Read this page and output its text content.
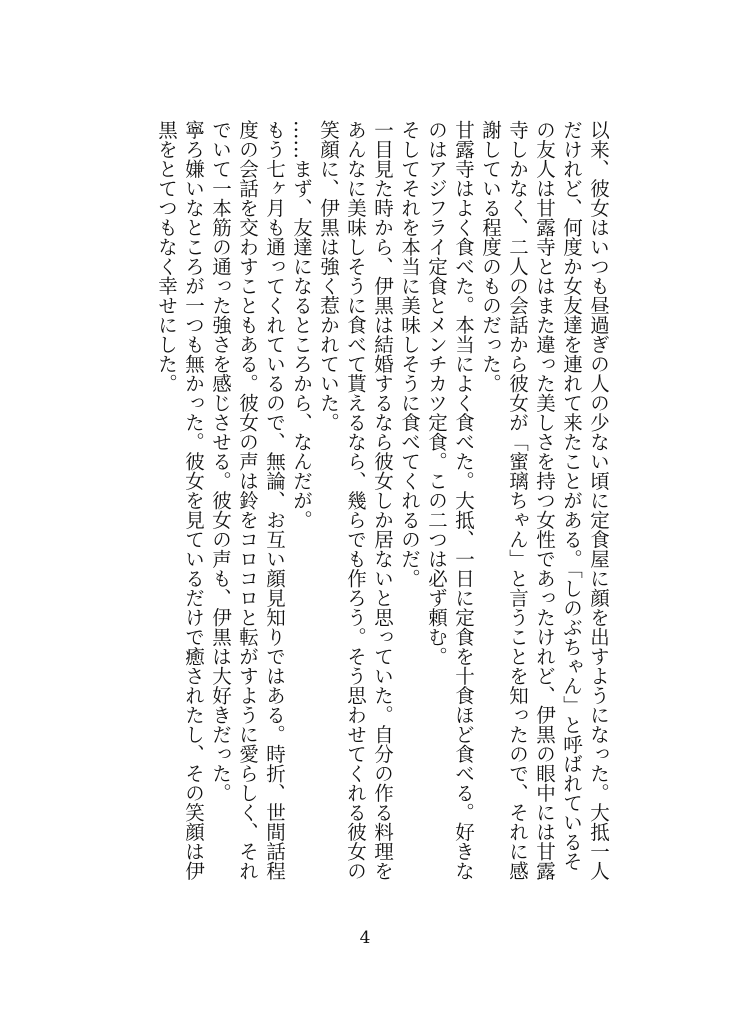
以来、彼女はいつも昼過ぎの人の少ない頃に定食屋に顔を出すようになった。大抵一人だけれど、何度か女友達を連れて来たことがある。「しのぶちゃん」と呼ばれているその友人は甘露寺とはまた違った美しさを持つ女性であったけれど、伊黒の眼中には甘露寺しかなく、二人の会話から彼女が「蜜璃ちゃん」と言うことを知ったので、それに感謝している程度のものだった。

甘露寺はよく食べた。本当によく食べた。大抵、一日に定食を十食ほど食べる。好きなのはアジフライ定食とメンチカツ定食。この二つは必ず頼む。

そしてそれを本当に美味しそうに食べてくれるのだ。

一目見た時から、伊黒は結婚するなら彼女しか居ないと思っていた。自分の作る料理をあんなに美味しそうに食べて貰えるなら、幾らでも作ろう。そう思わせてくれる彼女の笑顔に、伊黒は強く惹かれていた。

……まず、友達になるところから、なんだが。

もう七ヶ月も通ってくれているので、無論、お互い顔見知りではある。時折、世間話程度の会話を交わすこともある。彼女の声は鈴をコロコロと転がすように愛らしく、それでいて一本筋の通った強さを感じさせる。彼女の声も、伊黒は大好きだった。

寧ろ嫌いなところが一つも無かった。彼女を見ているだけで癒されたし、その笑顔は伊黒をとてつもなく幸せにした。

4
